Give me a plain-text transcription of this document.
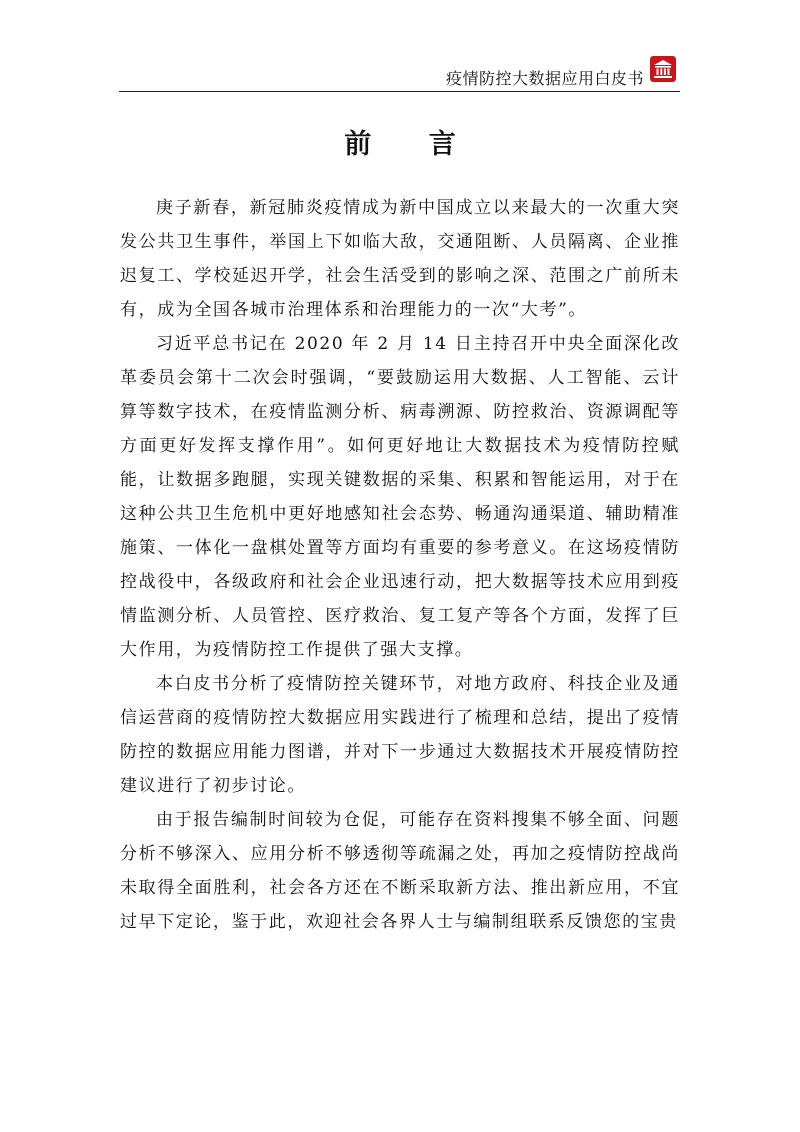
疫情防控大数据应用白皮书
前 言

庚子新春，新冠肺炎疫情成为新中国成立以来最大的一次重大突发公共卫生事件，举国上下如临大敌，交通阻断、人员隔离、企业推迟复工、学校延迟开学，社会生活受到的影响之深、范围之广前所未有，成为全国各城市治理体系和治理能力的一次“大考”。

习近平总书记在 2020 年 2 月 14 日主持召开中央全面深化改革委员会第十二次会时强调，“要鼓励运用大数据、人工智能、云计算等数字技术，在疫情监测分析、病毒溯源、防控救治、资源调配等方面更好发挥支撑作用”。如何更好地让大数据技术为疫情防控赋能，让数据多跑腿，实现关键数据的采集、积累和智能运用，对于在这种公共卫生危机中更好地感知社会态势、畅通沟通渠道、辅助精准施策、一体化一盘棋处置等方面均有重要的参考意义。在这场疫情防控战役中，各级政府和社会企业迅速行动，把大数据等技术应用到疫情监测分析、人员管控、医疗救治、复工复产等各个方面，发挥了巨大作用，为疫情防控工作提供了强大支撑。

本白皮书分析了疫情防控关键环节，对地方政府、科技企业及通信运营商的疫情防控大数据应用实践进行了梳理和总结，提出了疫情防控的数据应用能力图谱，并对下一步通过大数据技术开展疫情防控建议进行了初步讨论。

由于报告编制时间较为仓促，可能存在资料搜集不够全面、问题分析不够深入、应用分析不够透彻等疏漏之处，再加之疫情防控战尚未取得全面胜利，社会各方还在不断采取新方法、推出新应用，不宜过早下定论，鉴于此，欢迎社会各界人士与编制组联系反馈您的宝贵
